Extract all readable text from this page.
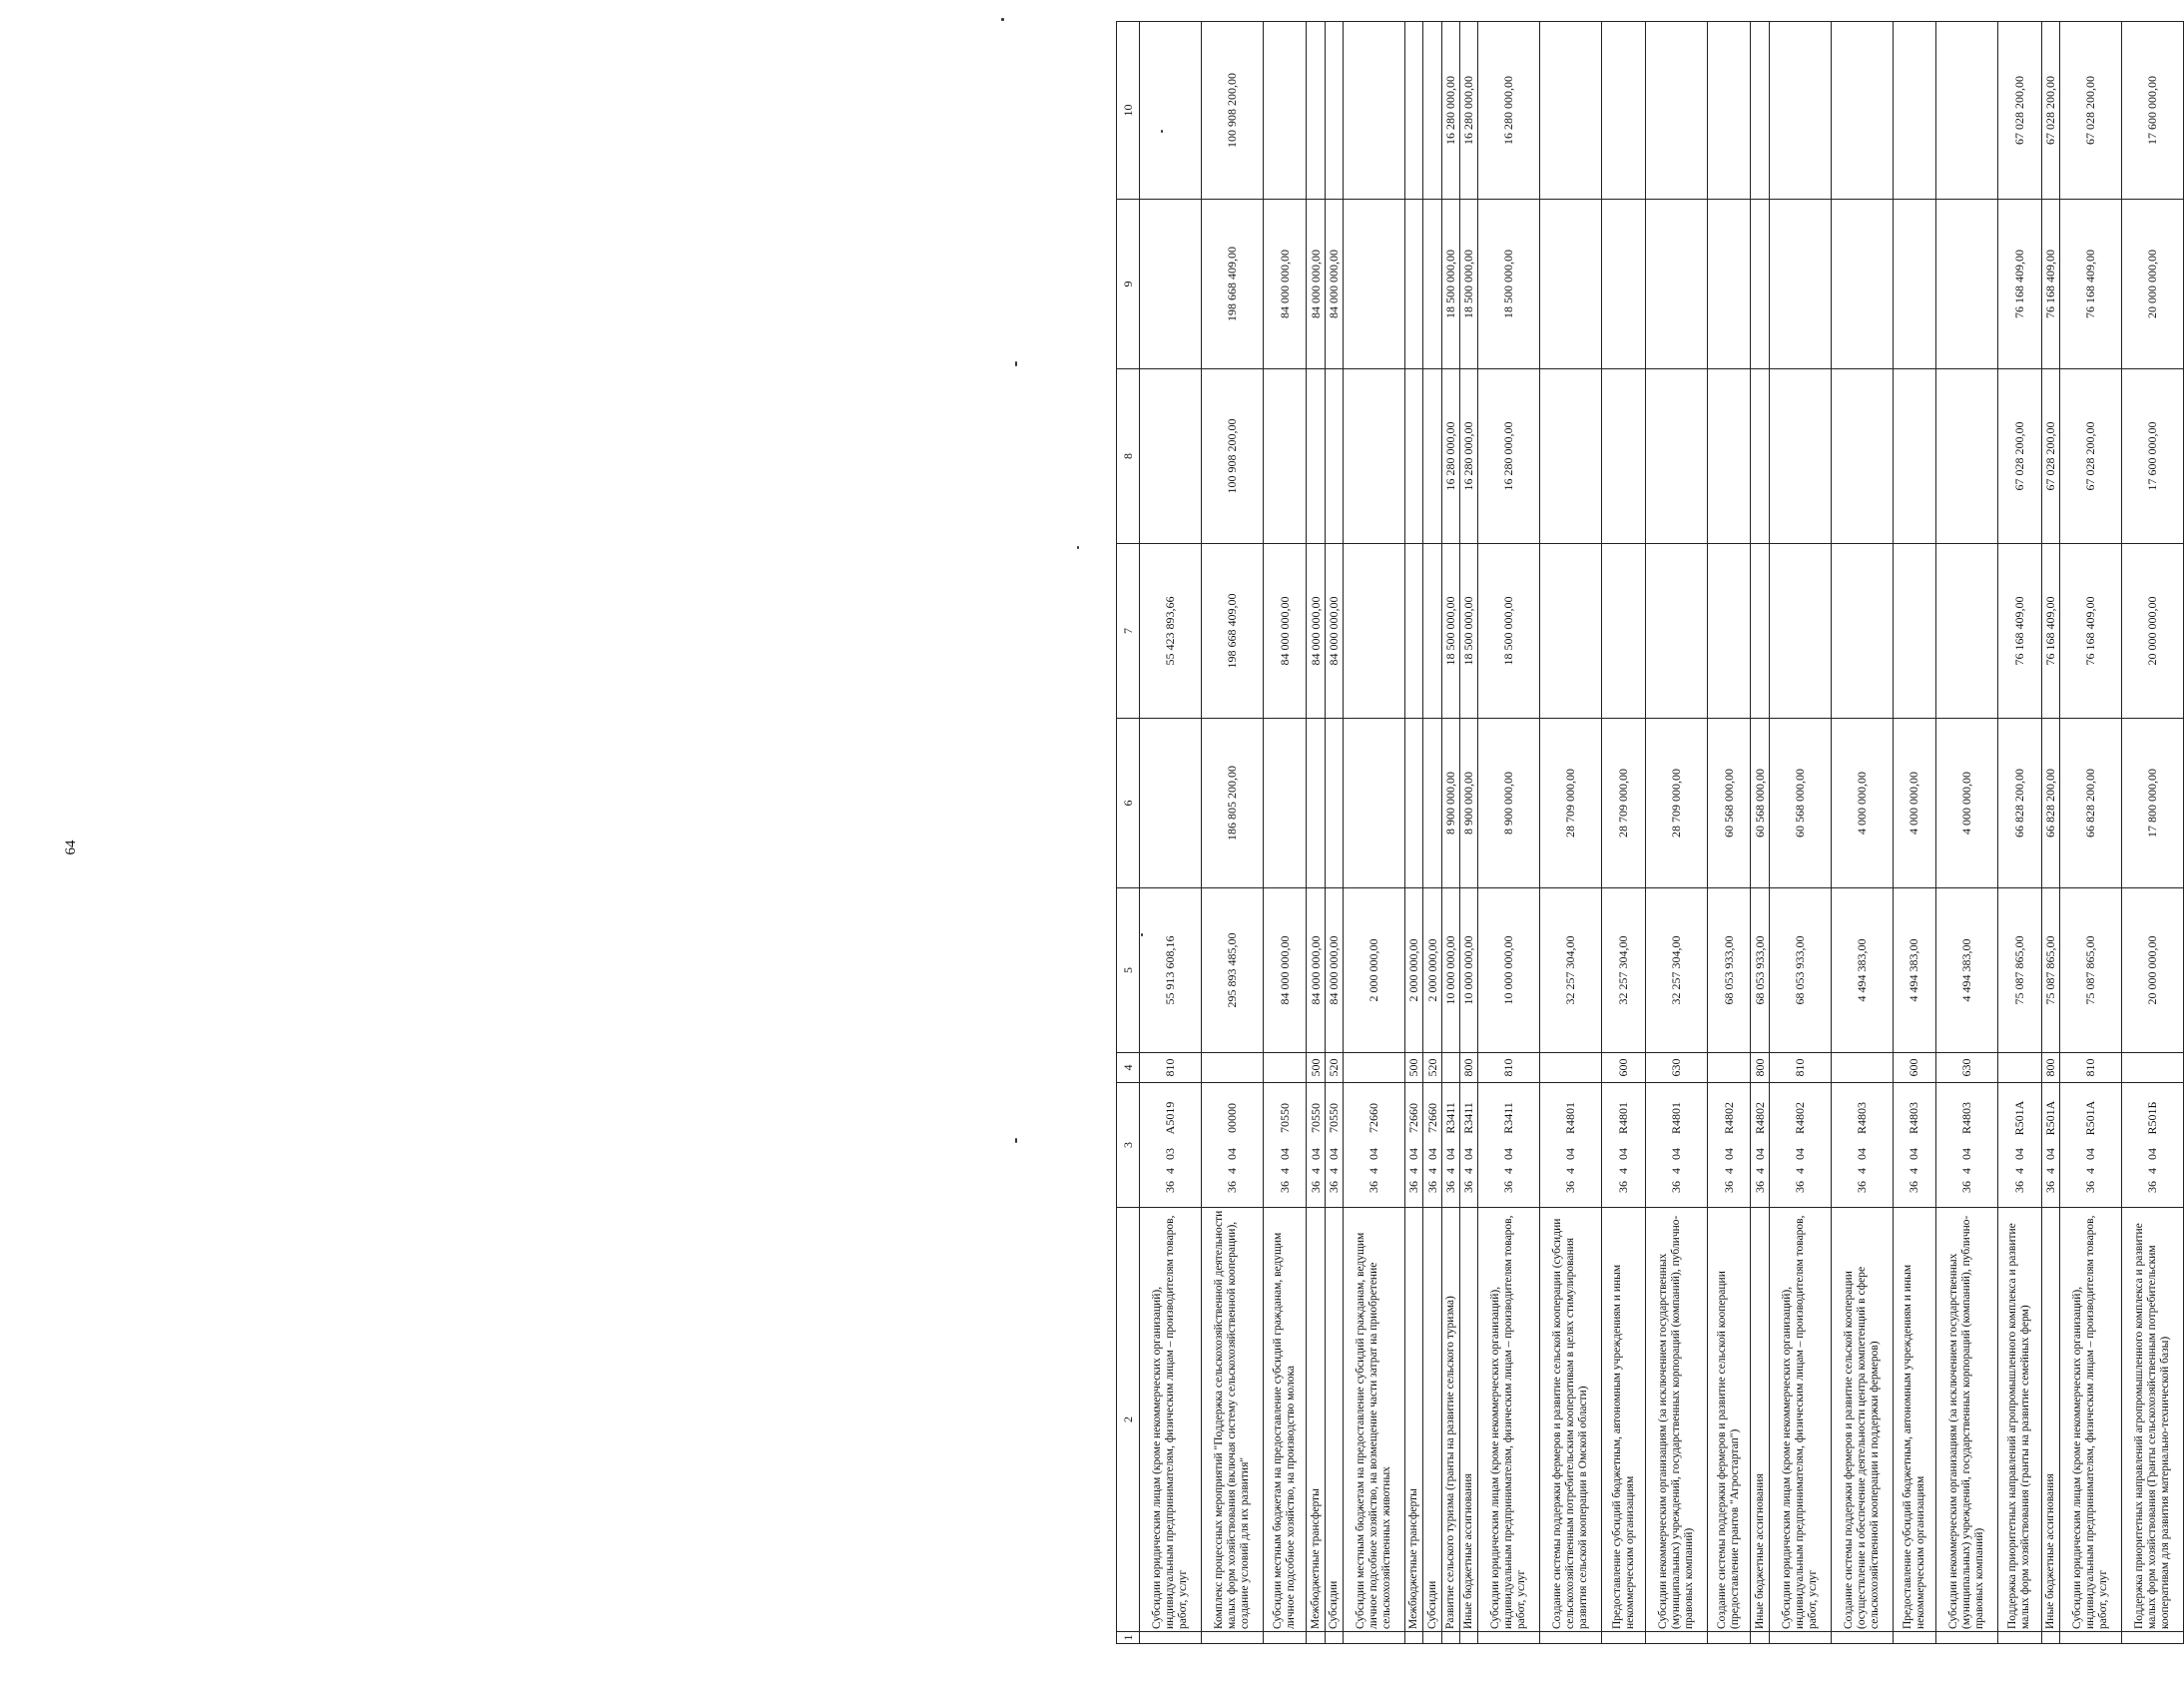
64
1	2	3	4	5	6	7	8	9	10
	Субсидии юридическим лицам (кроме некоммерческих организаций), индивидуальным предпринимателям, физическим лицам – производителям товаров, работ, услуг	36403A5019	810	55 913 608,16		55 423 893,66			
	Комплекс процессных мероприятий "Поддержка сельскохозяйственной деятельности малых форм хозяйствования (включая систему сельскохозяйственной кооперации), создание условий для их развития"	3640400000		295 893 485,00	186 805 200,00	198 668 409,00	100 908 200,00	198 668 409,00	100 908 200,00
	Субсидии местным бюджетам на предоставление субсидий гражданам, ведущим личное подсобное хозяйство, на производство молока	3640470550		84 000 000,00		84 000 000,00		84 000 000,00	
	Межбюджетные трансферты	3640470550	500	84 000 000,00		84 000 000,00		84 000 000,00	
	Субсидии	3640470550	520	84 000 000,00		84 000 000,00		84 000 000,00	
	Субсидии местным бюджетам на предоставление субсидий гражданам, ведущим личное подсобное хозяйство, на возмещение части затрат на приобретение сельскохозяйственных животных	3640472660		2 000 000,00					
	Межбюджетные трансферты	3640472660	500	2 000 000,00					
	Субсидии	3640472660	520	2 000 000,00					
	Развитие сельского туризма (гранты на развитие сельского туризма)	36404R3411		10 000 000,00	8 900 000,00	18 500 000,00	16 280 000,00	18 500 000,00	16 280 000,00
	Иные бюджетные ассигнования	36404R3411	800	10 000 000,00	8 900 000,00	18 500 000,00	16 280 000,00	18 500 000,00	16 280 000,00
	Субсидии юридическим лицам (кроме некоммерческих организаций), индивидуальным предпринимателям, физическим лицам – производителям товаров, работ, услуг	36404R3411	810	10 000 000,00	8 900 000,00	18 500 000,00	16 280 000,00	18 500 000,00	16 280 000,00
	Создание системы поддержки фермеров и развитие сельской кооперации (субсидии сельскохозяйственным потребительским кооперативам в целях стимулирования развития сельской кооперации в Омской области)	36404R4801		32 257 304,00	28 709 000,00				
	Предоставление субсидий бюджетным, автономным учреждениям и иным некоммерческим организациям	36404R4801	600	32 257 304,00	28 709 000,00				
	Субсидии некоммерческим организациям (за исключением государственных (муниципальных) учреждений, государственных корпораций (компаний), публично-правовых компаний)	36404R4801	630	32 257 304,00	28 709 000,00				
	Создание системы поддержки фермеров и развитие сельской кооперации (предоставление грантов "Агростартап")	36404R4802		68 053 933,00	60 568 000,00				
	Иные бюджетные ассигнования	36404R4802	800	68 053 933,00	60 568 000,00				
	Субсидии юридическим лицам (кроме некоммерческих организаций), индивидуальным предпринимателям, физическим лицам – производителям товаров, работ, услуг	36404R4802	810	68 053 933,00	60 568 000,00				
	Создание системы поддержки фермеров и развитие сельской кооперации (осуществление и обеспечение деятельности центра компетенций в сфере сельскохозяйственной кооперации и поддержки фермеров)	36404R4803		4 494 383,00	4 000 000,00				
	Предоставление субсидий бюджетным, автономным учреждениям и иным некоммерческим организациям	36404R4803	600	4 494 383,00	4 000 000,00				
	Субсидии некоммерческим организациям (за исключением государственных (муниципальных) учреждений, государственных корпораций (компаний), публично-правовых компаний)	36404R4803	630	4 494 383,00	4 000 000,00				
	Поддержка приоритетных направлений агропромышленного комплекса и развитие малых форм хозяйствования (гранты на развитие семейных ферм)	36404R501A		75 087 865,00	66 828 200,00	76 168 409,00	67 028 200,00	76 168 409,00	67 028 200,00
	Иные бюджетные ассигнования	36404R501A	800	75 087 865,00	66 828 200,00	76 168 409,00	67 028 200,00	76 168 409,00	67 028 200,00
	Субсидии юридическим лицам (кроме некоммерческих организаций), индивидуальным предпринимателям, физическим лицам – производителям товаров, работ, услуг	36404R501A	810	75 087 865,00	66 828 200,00	76 168 409,00	67 028 200,00	76 168 409,00	67 028 200,00
	Поддержка приоритетных направлений агропромышленного комплекса и развитие малых форм хозяйствования (Гранты сельскохозяйственным потребительским кооперативам для развития материально-технической базы)	36404R501Б		20 000 000,00	17 800 000,00	20 000 000,00	17 600 000,00	20 000 000,00	17 600 000,00
